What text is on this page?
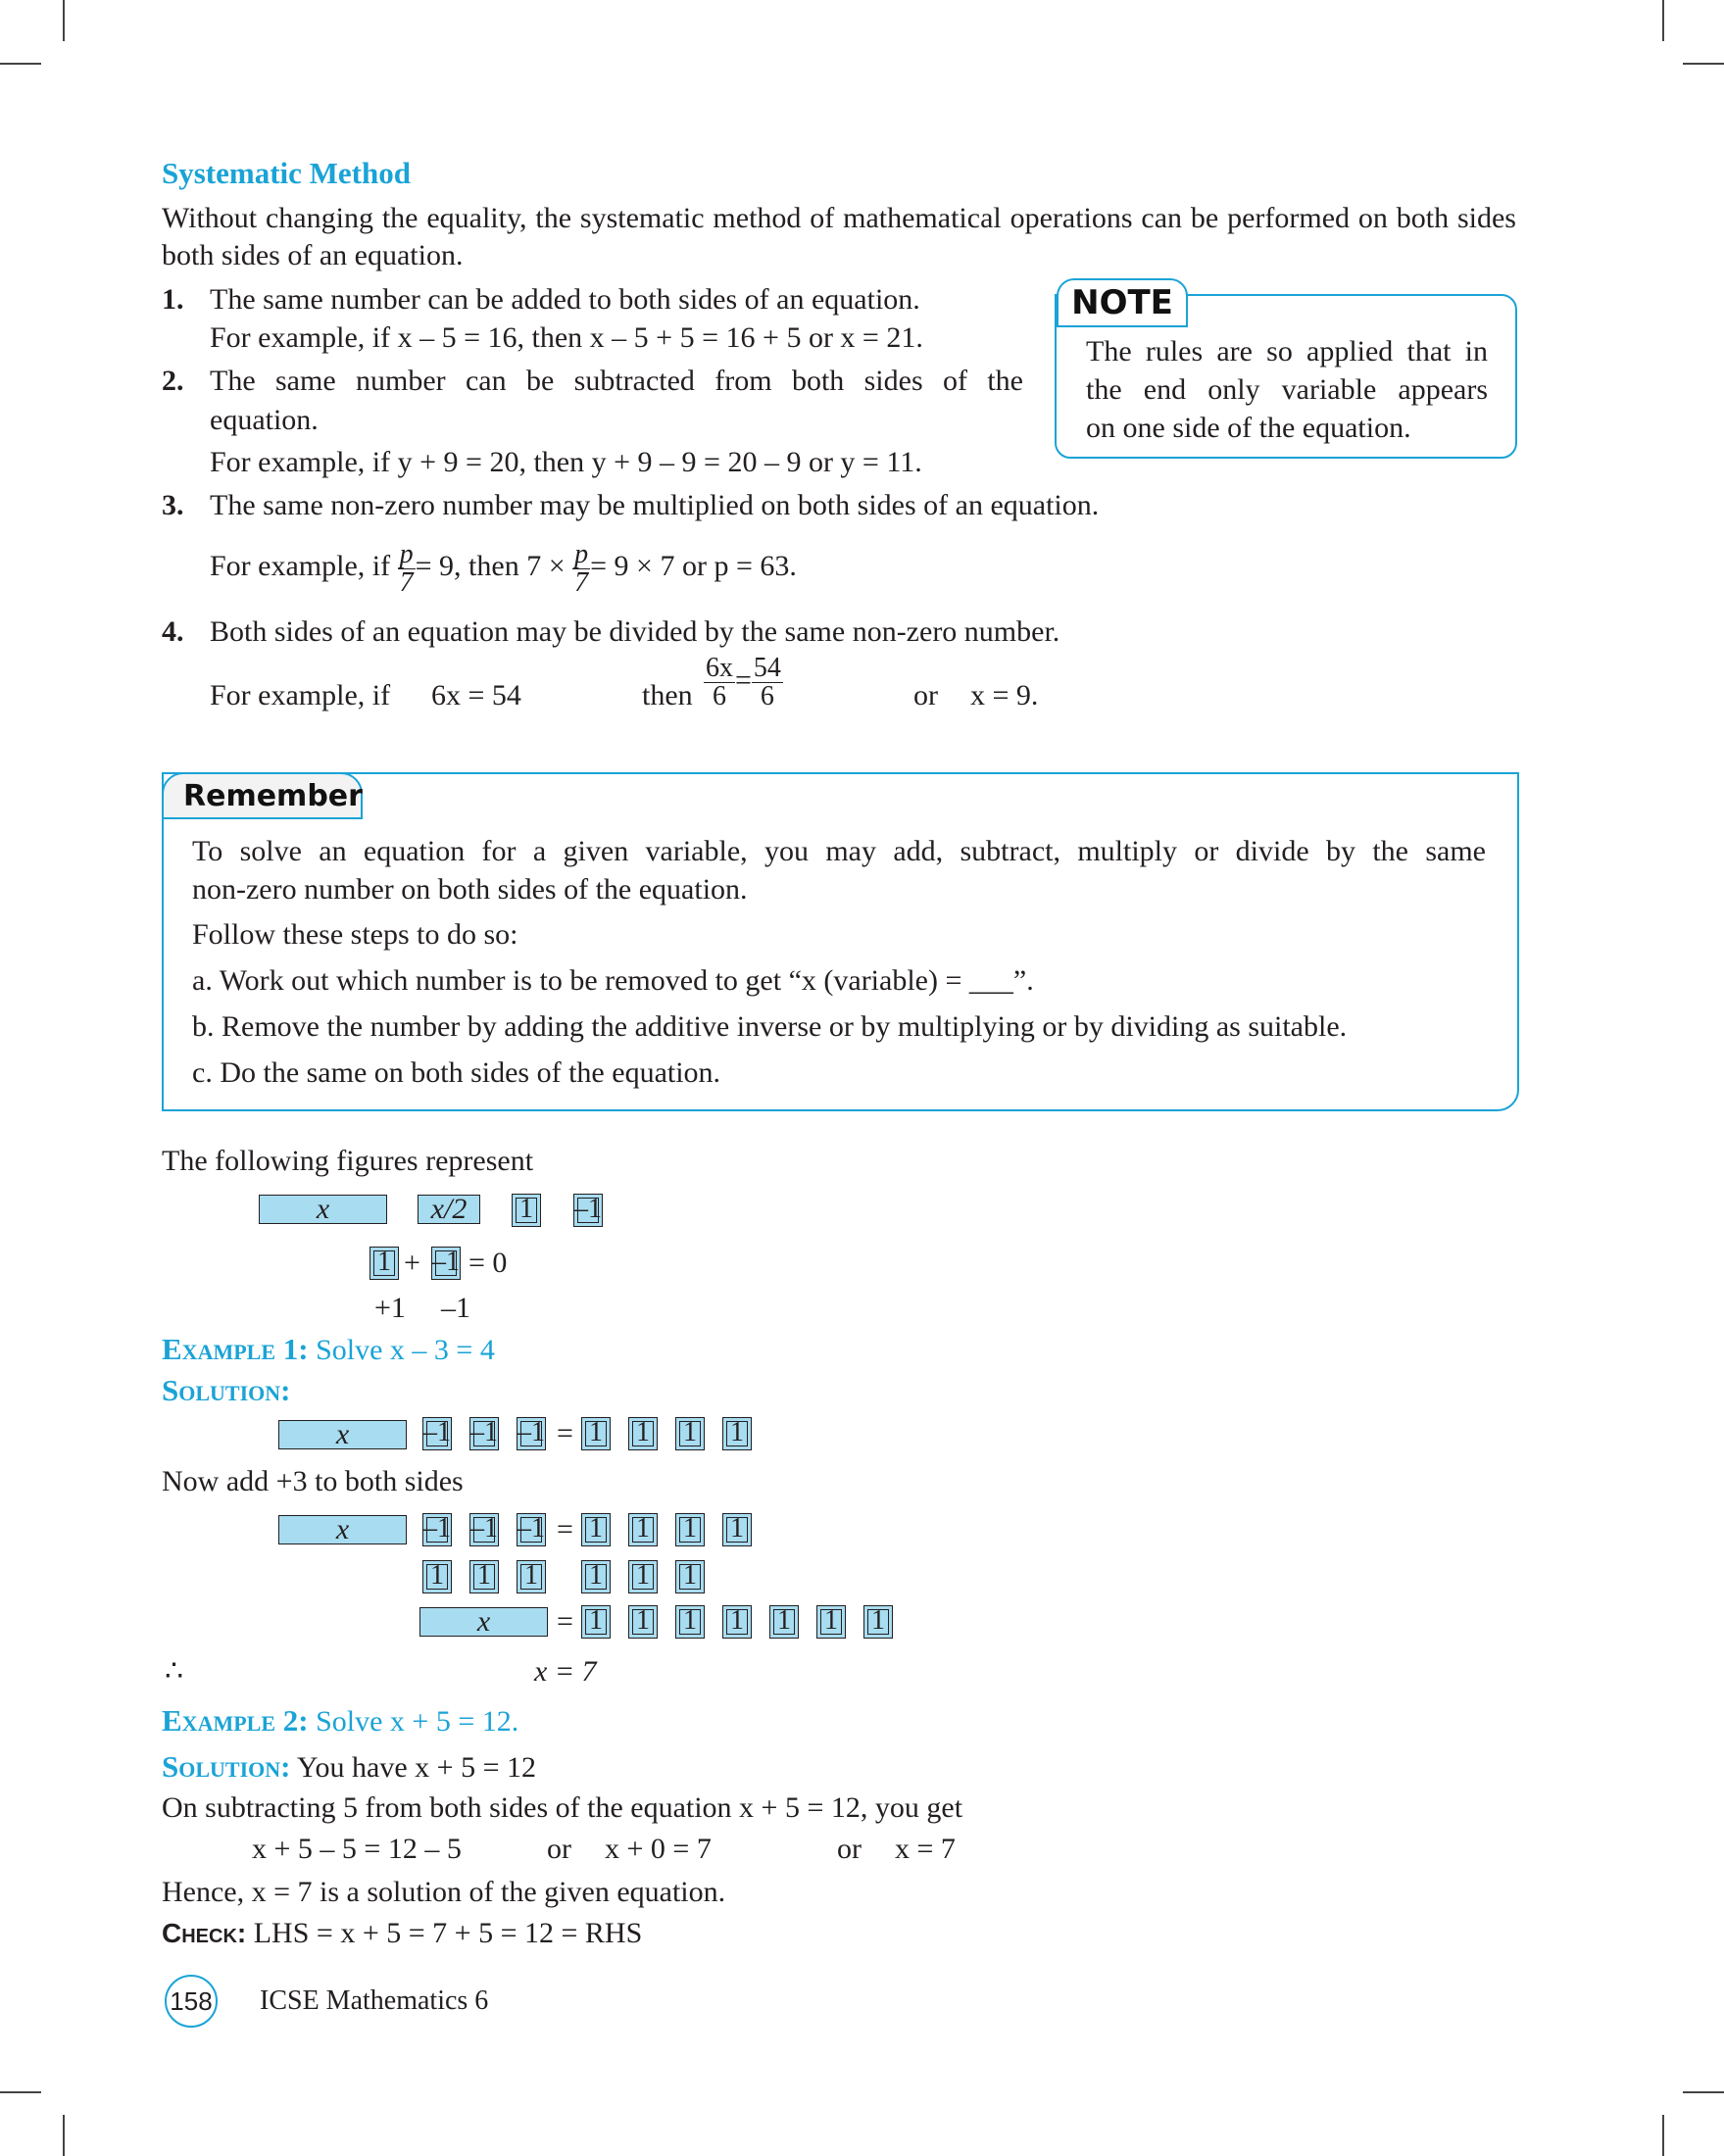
Systematic Method
Without changing the equality, the systematic method of mathematical operations can be performed on both sides
both sides of an equation.
1. The same number can be added to both sides of an equation.
For example, if x – 5 = 16, then x – 5 + 5 = 16 + 5 or x = 21.
2. The same number can be subtracted from both sides of the
equation.
For example, if y + 9 = 20, then y + 9 – 9 = 20 – 9 or y = 11.
NOTE
The rules are so applied that in
the end only variable appears
on one side of the equation.
3. The same non-zero number may be multiplied on both sides of an equation.
For example, if $\frac{p}{7} = 9$, then $7 \times \frac{p}{7} = 9 \times 7$ or p = 63.
4. Both sides of an equation may be divided by the same non-zero number.
For example, if 6x = 54	then $\frac{6x}{6} = \frac{54}{6}$	or x = 9.
Remember
To solve an equation for a given variable, you may add, subtract, multiply or divide by the same
non-zero number on both sides of the equation.
Follow these steps to do so:
a. Work out which number is to be removed to get “x (variable) = ___”.
b. Remove the number by adding the additive inverse or by multiplying or by dividing as suitable.
c. Do the same on both sides of the equation.
The following figures represent
x	x/2	1 –1
1 + –1 = 0
+1 –1
Example 1: Solve x – 3 = 4
Solution:
x	–1 –1 –1 = 1 1 1 1
Now add +3 to both sides
x	–1 –1 –1 = 1 1 1 1
1 1 1 1 1 1
x	= 1 1 1 1 1 1 1
∴	x = 7
Example 2: Solve x + 5 = 12.
Solution: You have x + 5 = 12
On subtracting 5 from both sides of the equation x + 5 = 12, you get
x + 5 – 5 = 12 – 5	or x + 0 = 7	or x = 7
Hence, x = 7 is a solution of the given equation.
Check: LHS = x + 5 = 7 + 5 = 12 = RHS
158 ICSE Mathematics 6
